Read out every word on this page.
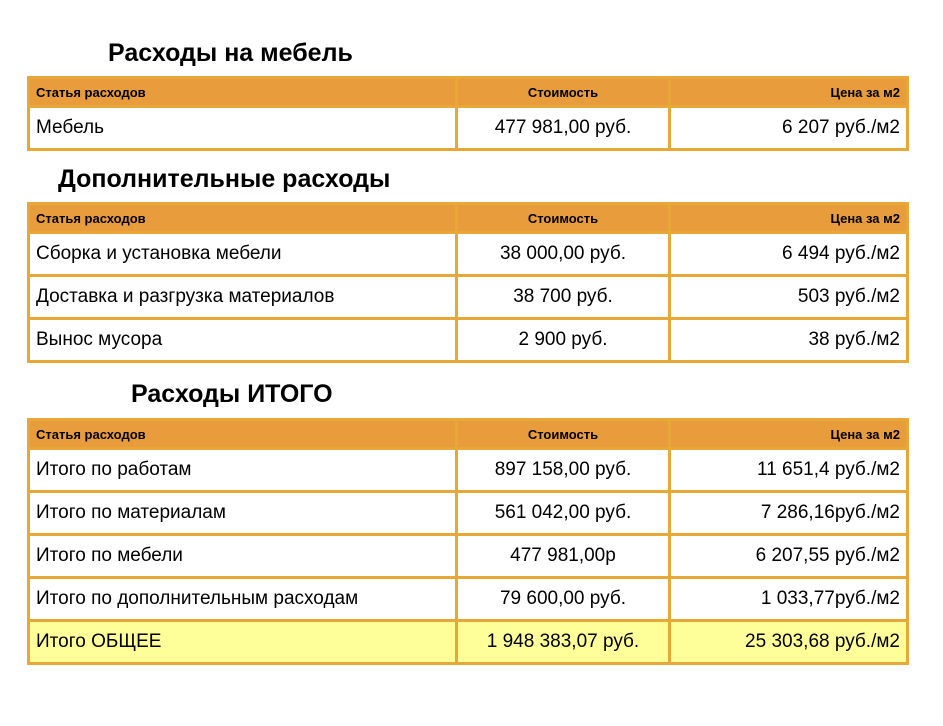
Расходы на мебель
Статья расходов	Стоимость	Цена за м2
Мебель	477 981,00 руб.	6 207 руб./м2
Дополнительные расходы
Статья расходов	Стоимость	Цена за м2
Сборка и установка мебели	38 000,00 руб.	6 494 руб./м2
Доставка и разгрузка материалов	38 700 руб.	503 руб./м2
Вынос мусора	2 900 руб.	38 руб./м2
Расходы ИТОГО
Статья расходов	Стоимость	Цена за м2
Итого по работам	897 158,00 руб.	11 651,4 руб./м2
Итого по материалам	561 042,00 руб.	7 286,16руб./м2
Итого по мебели	477 981,00р	6 207,55 руб./м2
Итого по дополнительным расходам	79 600,00 руб.	1 033,77руб./м2
Итого ОБЩЕЕ	1 948 383,07 руб.	25 303,68 руб./м2
